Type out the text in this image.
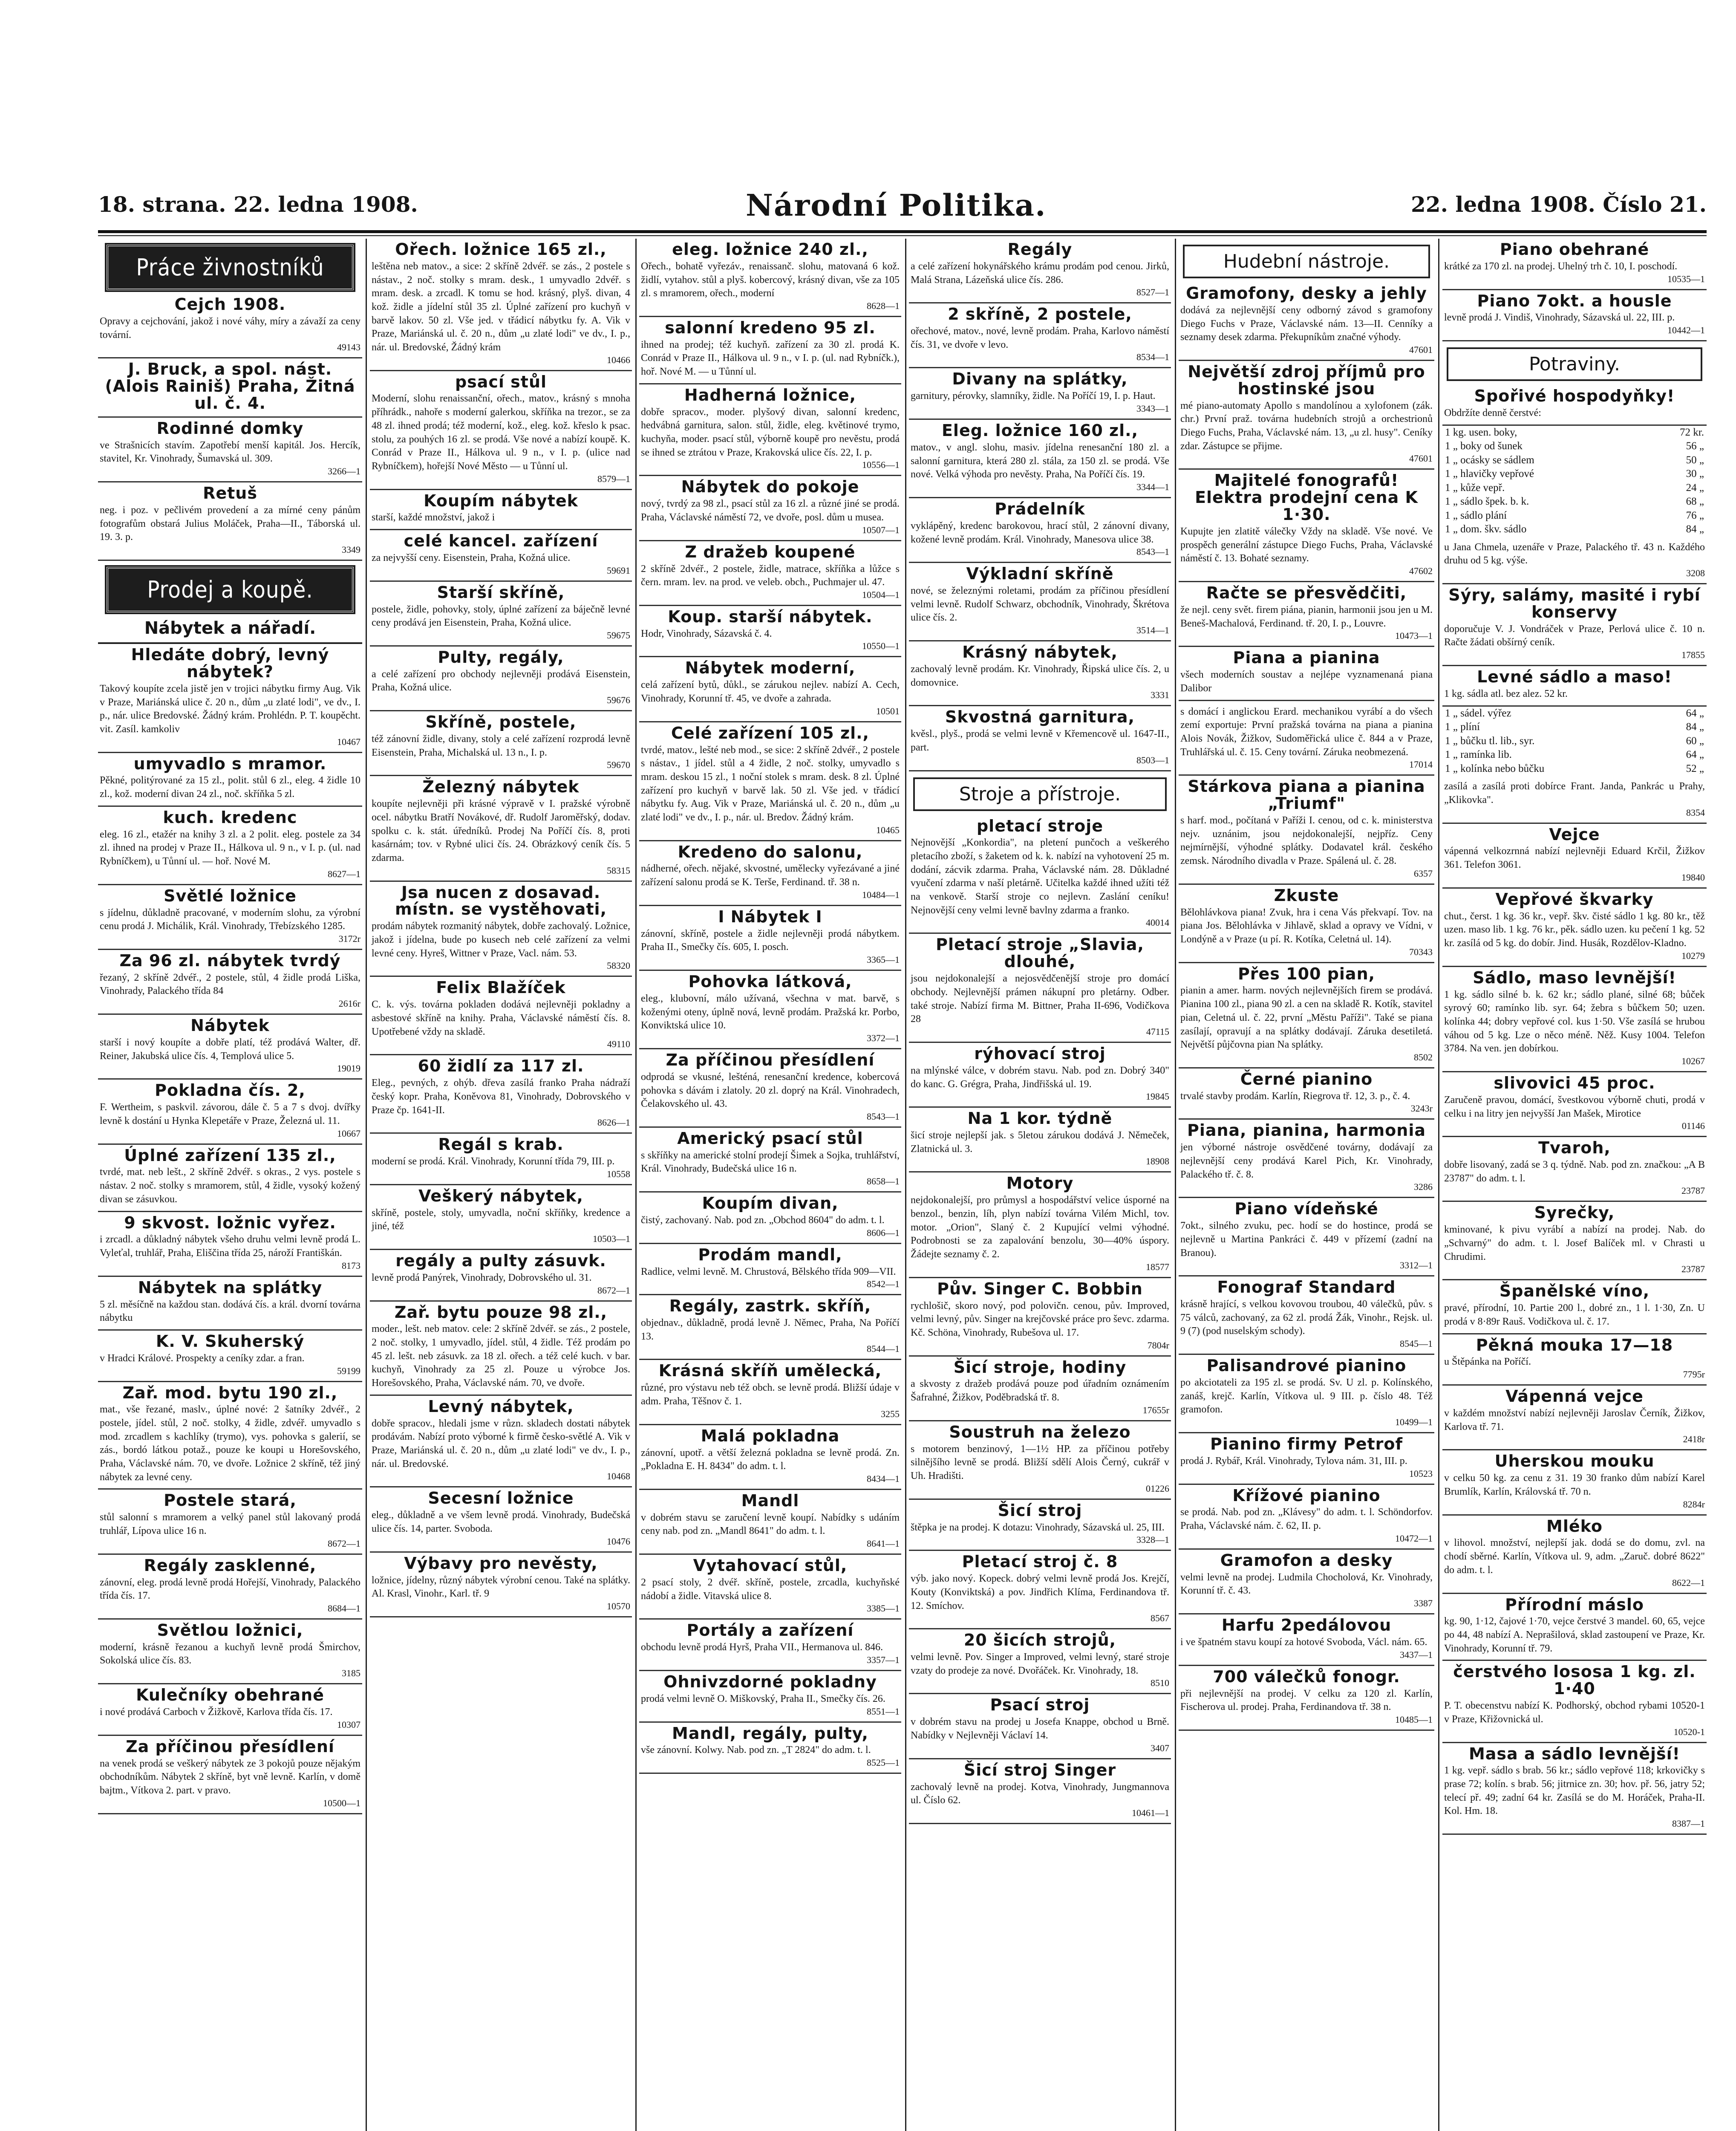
18. strana. 22. ledna 1908.	Národní Politika.	22. ledna 1908. Číslo 21.
Práce živnostníků
Cejch 1908.
Opravy a cejchování, jakož i nové váhy, míry a závaží za ceny tovární.
49143
J. Bruck, a spol. nást. (Alois Rainiš) Praha, Žitná ul. č. 4.
Rodinné domky
ve Strašnicích stavím. Zapotřebí menší kapitál. Jos. Hercík, stavitel, Kr. Vinohrady, Šumavská ul. 309.
3266—1
Retuš
neg. i poz. v pečlivém provedení a za mírné ceny pánům fotografům obstará Julius Moláček, Praha—II., Táborská ul. 19. 3. p.
3349
Prodej a koupě.
Nábytek a nářadí.
Hledáte dobrý, levný nábytek?
Takový koupíte zcela jistě jen v trojici nábytku firmy Aug. Vik v Praze, Mariánská ulice č. 20 n., dům „u zlaté lodi", ve dv., I. p., nár. ulice Bredovské. Žádný krám. Prohlédn. P. T. koupěcht. vit. Zasíl. kamkoliv
10467
umyvadlo s mramor.
Pěkné, politýrované za 15 zl., polit. stůl 6 zl., eleg. 4 židle 10 zl., kož. moderní divan 24 zl., noč. skříňka 5 zl.
kuch. kredenc
eleg. 16 zl., etažér na knihy 3 zl. a 2 polit. eleg. postele za 34 zl. ihned na prodej v Praze II., Hálkova ul. 9 n., v I. p. (ul. nad Rybníčkem), u Tůnní ul. — hoř. Nové M.
8627—1
Světlé ložnice
s jídelnu, důkladně pracované, v moderním slohu, za výrobní cenu prodá J. Michálik, Král. Vinohrady, Třebízského 1285.
3172r
Za 96 zl. nábytek tvrdý
řezaný, 2 skříně 2dvéř., 2 postele, stůl, 4 židle prodá Liška, Vinohrady, Palackého třída 84
2616r
Nábytek
starší i nový koupíte a dobře platí, též prodává Walter, dř. Reiner, Jakubská ulice čís. 4, Templová ulice 5.
19019
Pokladna čís. 2,
F. Wertheim, s paskvil. závorou, dále č. 5 a 7 s dvoj. dvířky levně k dostání u Hynka Klepetáře v Praze, Železná ul. 11.
10667
Úplné zařízení 135 zl.,
tvrdé, mat. neb lešt., 2 skříně 2dvéř. s okras., 2 vys. postele s nástav. 2 noč. stolky s mramorem, stůl, 4 židle, vysoký kožený divan se zásuvkou.
9 skvost. ložnic vyřez.
i zrcadl. a důkladný nábytek všeho druhu velmi levně prodá L. Vyleťal, truhlář, Praha, Eliščina třída 25, nároží Františkán.
8173
Nábytek na splátky
5 zl. měsíčně na každou stan. dodává čís. a král. dvorní továrna nábytku
K. V. Skuherský
v Hradci Králové. Prospekty a ceníky zdar. a fran.
59199
Zař. mod. bytu 190 zl.,
mat., vše řezané, maslv., úplné nové: 2 šatníky 2dvéř., 2 postele, jídel. stůl, 2 noč. stolky, 4 židle, zdvéř. umyvadlo s mod. zrcadlem s kachlíky (trymo), vys. pohovka s galerií, se zás., bordó látkou potaž., pouze ke koupi u Horešovského, Praha, Václavské nám. 70, ve dvoře. Ložnice 2 skříně, též jiný nábytek za levné ceny.
Postele stará,
stůl salonní s mramorem a velký panel stůl lakovaný prodá truhlář, Lípova ulice 16 n.
8672—1
Regály zasklenné,
zánovní, eleg. prodá levně prodá Hořejší, Vinohrady, Palackého třída čís. 17.
8684—1
Světlou ložnici,
moderní, krásně řezanou a kuchyň levně prodá Šmirchov, Sokolská ulice čís. 83.
3185
Kulečníky obehrané
i nové prodává Carboch v Žižkově, Karlova třída čís. 17.
10307
Za příčinou přesídlení
na venek prodá se veškerý nábytek ze 3 pokojů pouze nějakým obchodníkům. Nábytek 2 skříně, byt vně levně. Karlín, v domě bajtm., Vítkova 2. part. v pravo.
10500—1
Ořech. ložnice 165 zl.,
leštěna neb matov., a sice: 2 skříně 2dvéř. se zás., 2 postele s nástav., 2 noč. stolky s mram. desk., 1 umyvadlo 2dvéř. s mram. desk. a zrcadl. K tomu se hod. krásný, plyš. divan, 4 kož. židle a jídelní stůl 35 zl. Úplné zařízení pro kuchyň v barvě lakov. 50 zl. Vše jed. v třádicí nábytku fy. A. Vik v Praze, Mariánská ul. č. 20 n., dům „u zlaté lodi" ve dv., I. p., nár. ul. Bredovské, Žádný krám
10466
psací stůl
Moderní, slohu renaissanční, ořech., matov., krásný s mnoha příhrádk., nahoře s moderní galerkou, skříňka na trezor., se za 48 zl. ihned prodá; též moderní, kož., eleg. kož. křeslo k psac. stolu, za pouhých 16 zl. se prodá. Vše nové a nabízí koupě. K. Conrád v Praze II., Hálkova ul. 9 n., v I. p. (ulice nad Rybníčkem), hořejší Nové Město — u Tůnní ul.
8579—1
Koupím nábytek
starší, každé množství, jakož i
celé kancel. zařízení
za nejvyšší ceny. Eisenstein, Praha, Kožná ulice.
59691
Starší skříně,
postele, židle, pohovky, stoly, úplné zařízení za báječně levné ceny prodává jen Eisenstein, Praha, Kožná ulice.
59675
Pulty, regály,
a celé zařízení pro obchody nejlevněji prodává Eisenstein, Praha, Kožná ulice.
59676
Skříně, postele,
též zánovní židle, divany, stoly a celé zařízení rozprodá levně Eisenstein, Praha, Michalská ul. 13 n., I. p.
59670
Železný nábytek
koupíte nejlevněji při krásné výpravě v I. pražské výrobně ocel. nábytku Bratří Novákové, dř. Rudolf Jaroměřský, dodav. spolku c. k. stát. úředníků. Prodej Na Poříčí čís. 8, proti kasárnám; tov. v Rybné ulici čís. 24. Obrázkový ceník čís. 5 zdarma.
58315
Jsa nucen z dosavad. místn. se vystěhovati,
prodám nábytek rozmanitý nábytek, dobře zachovalý. Ložnice, jakož i jídelna, bude po kusech neb celé zařízení za velmi levné ceny. Hyreš, Wittner v Praze, Vacl. nám. 53.
58320
Felix Blažíček
C. k. výs. továrna pokladen dodává nejlevněji pokladny a asbestové skříně na knihy. Praha, Václavské náměstí čís. 8. Upotřebené vždy na skladě.
49110
60 židlí za 117 zl.
Eleg., pevných, z ohýb. dřeva zasílá franko Praha nádraží český kopr. Praha, Koněvova 81, Vinohrady, Dobrovského v Praze čp. 1641-II.
8626—1
Regál s krab.
moderní se prodá. Král. Vinohrady, Korunní třída 79, III. p.
10558
Veškerý nábytek,
skříně, postele, stoly, umyvadla, noční skříňky, kredence a jiné, též
10503—1
regály a pulty zásuvk.
levně prodá Panýrek, Vinohrady, Dobrovského ul. 31.
8672—1
Zař. bytu pouze 98 zl.,
moder., lešt. neb matov. cele: 2 skříně 2dvéř. se zás., 2 postele, 2 noč. stolky, 1 umyvadlo, jídel. stůl, 4 židle. Též prodám po 45 zl. lešt. neb zásuvk. za 18 zl. ořech. a též celé kuch. v bar. kuchyň, Vinohrady za 25 zl. Pouze u výrobce Jos. Horešovského, Praha, Václavské nám. 70, ve dvoře.
Levný nábytek,
dobře spracov., hledali jsme v různ. skladech dostati nábytek prodávám. Nabízí proto výborné k firmě česko-světlé A. Vik v Praze, Mariánská ul. č. 20 n., dům „u zlaté lodi" ve dv., I. p., nár. ul. Bredovské.
10468
Secesní ložnice
eleg., důkladně a ve všem levně prodá. Vinohrady, Budečská ulice čís. 14, parter. Svoboda.
10476
Výbavy pro nevěsty,
ložnice, jídelny, různý nábytek výrobní cenou. Také na splátky. Al. Krasl, Vinohr., Karl. tř. 9
10570
eleg. ložnice 240 zl.,
Ořech., bohatě vyřezáv., renaissanč. slohu, matovaná 6 kož. židlí, vytahov. stůl a plyš. kobercový, krásný divan, vše za 105 zl. s mramorem, ořech., moderní
8628—1
salonní kredeno 95 zl.
ihned na prodej; též kuchyň. zařízení za 30 zl. prodá K. Conrád v Praze II., Hálkova ul. 9 n., v I. p. (ul. nad Rybníčk.), hoř. Nové M. — u Tůnní ul.
Hadherná ložnice,
dobře spracov., moder. plyšový divan, salonní kredenc, hedvábná garnitura, salon. stůl, židle, eleg. květinové trymo, kuchyňa, moder. psací stůl, výborně koupě pro nevěstu, prodá se ihned se ztrátou v Praze, Krakovská ulice čís. 22, I. p.
10556—1
Nábytek do pokoje
nový, tvrdý za 98 zl., psací stůl za 16 zl. a různé jiné se prodá. Praha, Václavské náměstí 72, ve dvoře, posl. dům u musea.
10507—1
Z dražeb koupené
2 skříně 2dvéř., 2 postele, židle, matrace, skříňka a lůžce s čern. mram. lev. na prod. ve veleb. obch., Puchmajer ul. 47.
10504—1
Koup. starší nábytek.
Hodr, Vinohrady, Sázavská č. 4.
10550—1
Nábytek moderní,
celá zařízení bytů, důkl., se zárukou nejlev. nabízí A. Cech, Vinohrady, Korunní tř. 45, ve dvoře a zahrada.
10501
Celé zařízení 105 zl.,
tvrdé, matov., lešté neb mod., se sice: 2 skříně 2dvéř., 2 postele s nástav., 1 jídel. stůl a 4 židle, 2 noč. stolky, umyvadlo s mram. deskou 15 zl., 1 noční stolek s mram. desk. 8 zl. Úplné zařízení pro kuchyň v barvě lak. 50 zl. Vše jed. v třádicí nábytku fy. Aug. Vik v Praze, Mariánská ul. č. 20 n., dům „u zlaté lodi" ve dv., I. p., nár. ul. Bredov. Žádný krám.
10465
Kredeno do salonu,
nádherné, ořech. nějaké, skvostné, umělecky vyřezávané a jiné zařízení salonu prodá se K. Terše, Ferdinand. tř. 38 n.
10484—1
I Nábytek I
zánovní, skříně, postele a židle nejlevněji prodá nábytkem. Praha II., Smečky čís. 605, I. posch.
3365—1
Pohovka látková,
eleg., klubovní, málo užívaná, všechna v mat. barvě, s koženými oteny, úplně nová, levně prodám. Pražská kr. Porbo, Konviktská ulice 10.
3372—1
Za příčinou přesídlení
odprodá se vkusné, lešténá, renesanční kredence, kobercová pohovka s dávám i zlatoly. 20 zl. doprý na Král. Vinohradech, Čelakovského ul. 43.
8543—1
Americký psací stůl
s skříňky na americké stolní prodejí Šimek a Sojka, truhlářství, Král. Vinohrady, Budečská ulice 16 n.
8658—1
Koupím divan,
čistý, zachovaný. Nab. pod zn. „Obchod 8604" do adm. t. l.
8606—1
Prodám mandl,
Radlice, velmi levně. M. Chrustová, Bělského třída 909—VII.
8542—1
Regály, zastrk. skříň,
objednav., důkladně, prodá levně J. Němec, Praha, Na Poříčí 13.
8544—1
Krásná skříň umělecká,
různé, pro výstavu neb též obch. se levně prodá. Bližší údaje v adm. Praha, Těšnov č. 1.
3255
Malá pokladna
zánovní, upotř. a větší železná pokladna se levně prodá. Zn. „Pokladna E. H. 8434" do adm. t. l.
8434—1
Mandl
v dobrém stavu se zaručení levně koupí. Nabídky s udáním ceny nab. pod zn. „Mandl 8641" do adm. t. l.
8641—1
Vytahovací stůl,
2 psací stoly, 2 dvéř. skříně, postele, zrcadla, kuchyňské nádobí a židle. Vitavská ulice 8.
3385—1
Portály a zařízení
obchodu levně prodá Hyrš, Praha VII., Hermanova ul. 846.
3357—1
Ohnivzdorné pokladny
prodá velmi levně O. Miškovský, Praha II., Smečky čís. 26.
8551—1
Mandl, regály, pulty,
vše zánovní. Kolwy. Nab. pod zn. „T 2824" do adm. t. l.
8525—1
Regály
a celé zařízení hokynářského krámu prodám pod cenou. Jirků, Malá Strana, Lázeňská ulice čís. 286.
8527—1
2 skříně, 2 postele,
ořechové, matov., nové, levně prodám. Praha, Karlovo náměstí čís. 31, ve dvoře v levo.
8534—1
Divany na splátky,
garnitury, pérovky, slamníky, židle. Na Poříčí 19, I. p. Haut.
3343—1
Eleg. ložnice 160 zl.,
matov., v angl. slohu, masiv. jídelna renesanční 180 zl. a salonní garnitura, která 280 zl. stála, za 150 zl. se prodá. Vše nové. Velká výhoda pro nevěsty. Praha, Na Poříčí čís. 19.
3344—1
Prádelník
vyklápěný, kredenc barokovou, hrací stůl, 2 zánovní divany, kožené levně prodám. Král. Vinohrady, Manesova ulice 38.
8543—1
Výkladní skříně
nové, se železnými roletami, prodám za příčinou přesídlení velmi levně. Rudolf Schwarz, obchodník, Vinohrady, Škrétova ulice čís. 2.
3514—1
Krásný nábytek,
zachovalý levně prodám. Kr. Vinohrady, Řipská ulice čís. 2, u domovnice.
3331
Skvostná garnitura,
kvěsl., plyš., prodá se velmi levně v Křemencově ul. 1647-II., part.
8503—1
Stroje a přístroje.
pletací stroje
Nejnovější „Konkordia", na pletení punčoch a veškerého pletacího zboží, s žaketem od k. k. nabízí na vyhotovení 25 m. dodání, zácvik zdarma. Praha, Václavské nám. 28. Důkladné vyučení zdarma v naší pletárně. Učitelka každé ihned užíti též na venkově. Starší stroje co nejlevn. Zaslání ceníku! Nejnovější ceny velmi levně bavlny zdarma a franko.
40014
Pletací stroje „Slavia, dlouhé,
jsou nejdokonalejší a nejosvědčenější stroje pro domácí obchody. Nejlevnější prámen nákupní pro pletárny. Odber. také stroje. Nabízí firma M. Bittner, Praha II-696, Vodičkova 28
47115
rýhovací stroj
na mlýnské válce, v dobrém stavu. Nab. pod zn. Dobrý 340" do kanc. G. Grégra, Praha, Jindřišská ul. 19.
19845
Na 1 kor. týdně
šicí stroje nejlepší jak. s 5letou zárukou dodává J. Němeček, Zlatnická ul. 3.
18908
Motory
nejdokonalejší, pro průmysl a hospodářství velice úsporné na benzol., benzin, líh, plyn nabízí továrna Vilém Michl, tov. motor. „Orion", Slaný č. 2 Kupující velmi výhodné. Podrobnosti se za zapalování benzolu, 30—40% úspory. Žádejte seznamy č. 2.
18577
Pův. Singer C. Bobbin
rychlošič, skoro nový, pod polovičn. cenou, pův. Improved, velmi levný, pův. Singer na krejčovské práce pro ševc. zdarma. Kč. Schöna, Vinohrady, Rubešova ul. 17.
7804r
Šicí stroje, hodiny
a skvosty z dražeb prodává pouze pod úřadním oznámením Šafrahné, Žižkov, Poděbradská tř. 8.
17655r
Soustruh na železo
s motorem benzinový, 1—1½ HP. za příčinou potřeby silnějšího levně se prodá. Bližší sdělí Alois Černý, cukrář v Uh. Hradišti.
01226
Šicí stroj
štěpka je na prodej. K dotazu: Vinohrady, Sázavská ul. 25, III.
3328—1
Pletací stroj č. 8
výb. jako nový. Kopeck. dobrý velmi levně prodá Jos. Krejčí, Kouty (Konviktská) a pov. Jindřich Klíma, Ferdinandova tř. 12. Smíchov.
8567
20 šicích strojů,
velmi levně. Pov. Singer a Improved, velmi levný, staré stroje vzaty do prodeje za nové. Dvořáček. Kr. Vinohrady, 18.
8510
Psací stroj
v dobrém stavu na prodej u Josefa Knappe, obchod u Brně. Nabídky v Nejlevněji Václaví 14.
3407
Šicí stroj Singer
zachovalý levně na prodej. Kotva, Vinohrady, Jungmannova ul. Číslo 62.
10461—1
Hudební nástroje.
Gramofony, desky a jehly
dodává za nejlevnější ceny odborný závod s gramofony Diego Fuchs v Praze, Václavské nám. 13—II. Cenníky a seznamy desek zdarma. Překupníkům značné výhody.
47601
Největší zdroj příjmů pro hostinské jsou
mé piano-automaty Apollo s mandolínou a xylofonem (zák. chr.) První praž. továrna hudebních strojů a orchestrionů Diego Fuchs, Praha, Václavské nám. 13, „u zl. husy". Ceníky zdar. Zástupce se přijme.
47601
Majitelé fonografů! Elektra prodejní cena K 1·30.
Kupujte jen zlatitě válečky Vždy na skladě. Vše nové. Ve prospěch generální zástupce Diego Fuchs, Praha, Václavské náměstí č. 13. Bohaté seznamy.
47602
Račte se přesvědčiti,
že nejl. ceny svět. firem piána, pianin, harmonii jsou jen u M. Beneš-Machalová, Ferdinand. tř. 20, I. p., Louvre.
10473—1
Piana a pianina
všech moderních soustav a nejlépe vyznamenaná piana Dalibor
s domácí i anglickou Erard. mechanikou vyrábí a do všech zemí exportuje: První pražská továrna na piana a pianina Alois Novák, Žižkov, Sudoměřická ulice č. 844 a v Praze, Truhlářská ul. č. 15. Ceny tovární. Záruka neobmezená.
17014
Stárkova piana a pianina „Triumf"
s harf. mod., počítaná v Paříži I. cenou, od c. k. ministerstva nejv. uznánim, jsou nejdokonalejší, nejpříz. Ceny nejmírnější, výhodné splátky. Dodavatel král. českého zemsk. Národního divadla v Praze. Spálená ul. č. 28.
6357
Zkuste
Bělohlávkova piana! Zvuk, hra i cena Vás překvapí. Tov. na piana Jos. Bělohlávka v Jihlavě, sklad a opravy ve Vídni, v Londýně a v Praze (u pí. R. Kotíka, Celetná ul. 14).
70343
Přes 100 pian,
pianin a amer. harm. nových nejlevnějších firem se prodává. Pianina 100 zl., piana 90 zl. a cen na skladě R. Kotík, stavitel pian, Celetná ul. č. 22, první „Městu Paříži". Také se piana zasílají, opravují a na splátky dodávají. Záruka desetiletá. Největší půjčovna pian Na splátky.
8502
Černé pianino
trvalé stavby prodám. Karlín, Riegrova tř. 12, 3. p., č. 4.
3243r
Piana, pianina, harmonia
jen výborné nástroje osvědčené továrny, dodávají za nejlevnější ceny prodává Karel Pich, Kr. Vinohrady, Palackého tř. č. 8.
3286
Piano vídeňské
7okt., silného zvuku, pec. hodí se do hostince, prodá se nejlevně u Martina Pankráci č. 449 v přízemí (zadní na Branou).
3312—1
Fonograf Standard
krásně hrající, s velkou kovovou troubou, 40 válečků, pův. s 75 válců, zachovaný, za 62 zl. prodá Žák, Vinohr., Rejsk. ul. 9 (7) (pod nuselským schody).
8545—1
Palisandrové pianino
po akciotateli za 195 zl. se prodá. Sv. U zl. p. Kolínského, zanáš, krejč. Karlín, Vítkova ul. 9 III. p. číslo 48. Též gramofon.
10499—1
Pianino firmy Petrof
prodá J. Rybář, Král. Vinohrady, Tylova nám. 31, III. p.
10523
Křížové pianino
se prodá. Nab. pod zn. „Klávesy" do adm. t. l. Schöndorfov. Praha, Václavské nám. č. 62, II. p.
10472—1
Gramofon a desky
velmi levně na prodej. Ludmila Chocholová, Kr. Vinohrady, Korunní tř. č. 43.
3387
Harfu 2pedálovou
i ve špatném stavu koupí za hotové Svoboda, Václ. nám. 65.
3437—1
700 válečků fonogr.
při nejlevnější na prodej. V celku za 120 zl. Karlín, Fischerova ul. prodej. Praha, Ferdinandova tř. 38 n.
10485—1
Piano obehrané
krátké za 170 zl. na prodej. Uhelný trh č. 10, I. poschodí.
10535—1
Piano 7okt. a housle
levně prodá J. Vindiš, Vinohrady, Sázavská ul. 22, III. p.
10442—1
Potraviny.
Spořivé hospodyňky!
Obdržíte denně čerstvé:
1 kg. usen. boky,	72 kr.
1 „ boky od šunek	56 „
1 „ ocásky se sádlem	50 „
1 „ hlavičky vepřové	30 „
1 „ kůže vepř.	24 „
1 „ sádlo špek. b. k.	68 „
1 „ sádlo plání	76 „
1 „ dom. škv. sádlo	84 „
u Jana Chmela, uzenáře v Praze, Palackého tř. 43 n. Každého druhu od 5 kg. výše.
3208
Sýry, salámy, masité i rybí konservy
doporučuje V. J. Vondráček v Praze, Perlová ulice č. 10 n. Račte žádati obšírný ceník.
17855
Levné sádlo a maso!
1 kg. sádla atl. bez alez. 52 kr.
1 „ sádel. výřez	64 „
1 „ plíní	84 „
1 „ bůčku tl. lib., syr.	60 „
1 „ ramínka lib.	64 „
1 „ kolínka nebo bůčku	52 „
zasílá a zasílá proti dobírce Frant. Janda, Pankrác u Prahy, „Klikovka".
8354
Vejce
vápenná velkozrnná nabízí nejlevněji Eduard Krčil, Žižkov 361. Telefon 3061.
19840
Vepřové škvarky
chut., čerst. 1 kg. 36 kr., vepř. škv. čisté sádlo 1 kg. 80 kr., těž uzen. maso lib. 1 kg. 76 kr., pěk. sádlo uzen. ku pečení 1 kg. 52 kr. zasílá od 5 kg. do dobír. Jind. Husák, Rozdělov-Kladno.
10279
Sádlo, maso levnější!
1 kg. sádlo silné b. k. 62 kr.; sádlo plané, silné 68; bůček syrový 60; ramínko lib. syr. 64; žebra s bůčkem 50; uzen. kolínka 44; dobry vepřové col. kus 1·50. Vše zasílá se hrubou váhou od 5 kg. Lze o něco méně. Něž. Kusy 1004. Telefon 3784. Na ven. jen dobírkou.
10267
slivovici 45 proc.
Zaručeně pravou, domácí, švestkovou výborně chuti, prodá v celku i na litry jen nejvyšší Jan Mašek, Mirotice
01146
Tvaroh,
dobře lisovaný, zadá se 3 q. týdně. Nab. pod zn. značkou: „A B 23787" do adm. t. l.
23787
Syrečky,
kminované, k pivu vyrábí a nabízí na prodej. Nab. do „Schvarný" do adm. t. l. Josef Balíček ml. v Chrasti u Chrudimi.
23787
Španělské víno,
pravé, přírodní, 10. Partie 200 l., dobré zn., 1 l. 1·30, Zn. U prodá v 8·89r Rauš. Vodičkova ul. č. 17.
Pěkná mouka 17—18
u Štěpánka na Poříčí.
7795r
Vápenná vejce
v každém množství nabízí nejlevněji Jaroslav Černík, Žižkov, Karlova tř. 71.
2418r
Uherskou mouku
v celku 50 kg. za cenu z 31. 19 30 franko dům nabízí Karel Brumlík, Karlín, Královská tř. 70 n.
8284r
Mléko
v lihovol. množství, nejlepší jak. dodá se do domu, zvl. na chodí sběrné. Karlín, Vítkova ul. 9, adm. „Zaruč. dobré 8622" do adm. t. l.
8622—1
Přírodní máslo
kg. 90, 1·12, čajové 1·70, vejce čerstvé 3 mandel. 60, 65, vejce po 44, 48 nabízí A. Neprašilová, sklad zastoupení ve Praze, Kr. Vinohrady, Korunní tř. 79.
čerstvého lososa 1 kg. zl. 1·40
P. T. obecenstvu nabízí K. Podhorský, obchod rybami 10520-1 v Praze, Křižovnická ul.
10520-1
Masa a sádlo levnější!
1 kg. vepř. sádlo s brab. 56 kr.; sádlo vepřové 118; krkovičky s prase 72; kolín. s brab. 56; jitrnice zn. 30; hov. př. 56, jatry 52; telecí př. 49; zadní 64 kr. Zasílá se do M. Horáček, Praha-II. Kol. Hm. 18.
8387—1
